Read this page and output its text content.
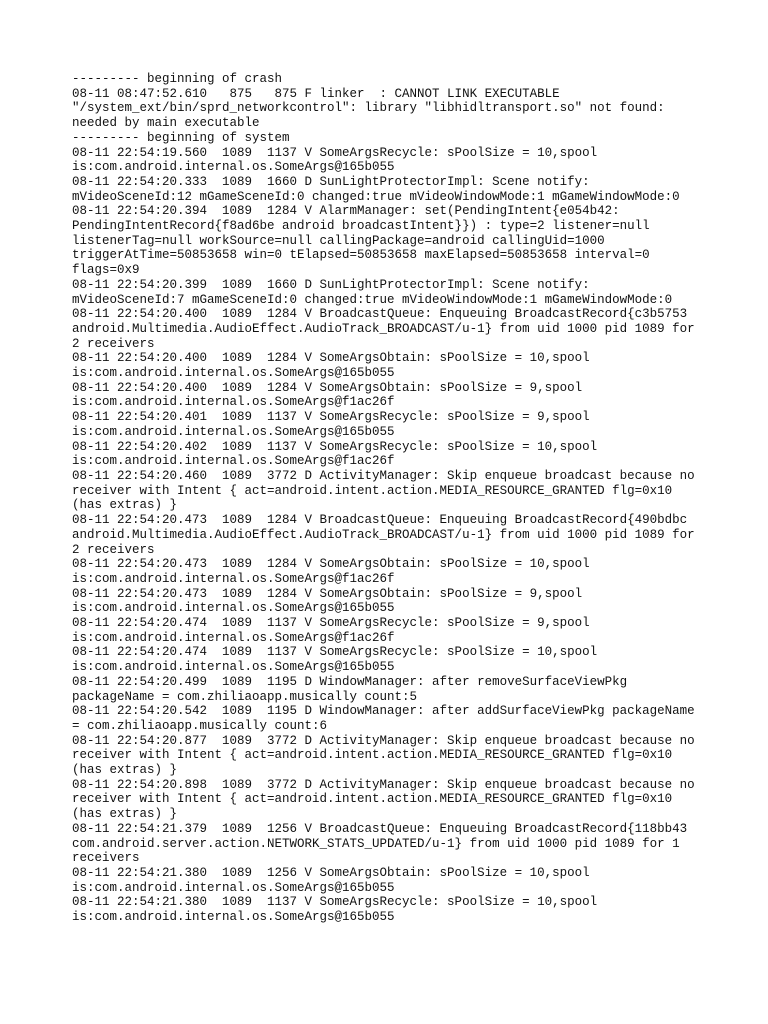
--------- beginning of crash

08-11 08:47:52.610   875   875 F linker  : CANNOT LINK EXECUTABLE

"/system_ext/bin/sprd_networkcontrol": library "libhidltransport.so" not found:

needed by main executable

--------- beginning of system

08-11 22:54:19.560  1089  1137 V SomeArgsRecycle: sPoolSize = 10,spool

is:com.android.internal.os.SomeArgs@165b055

08-11 22:54:20.333  1089  1660 D SunLightProtectorImpl: Scene notify:

mVideoSceneId:12 mGameSceneId:0 changed:true mVideoWindowMode:1 mGameWindowMode:0

08-11 22:54:20.394  1089  1284 V AlarmManager: set(PendingIntent{e054b42:

PendingIntentRecord{f8ad6be android broadcastIntent}}) : type=2 listener=null

listenerTag=null workSource=null callingPackage=android callingUid=1000

triggerAtTime=50853658 win=0 tElapsed=50853658 maxElapsed=50853658 interval=0

flags=0x9

08-11 22:54:20.399  1089  1660 D SunLightProtectorImpl: Scene notify:

mVideoSceneId:7 mGameSceneId:0 changed:true mVideoWindowMode:1 mGameWindowMode:0

08-11 22:54:20.400  1089  1284 V BroadcastQueue: Enqueuing BroadcastRecord{c3b5753

android.Multimedia.AudioEffect.AudioTrack_BROADCAST/u-1} from uid 1000 pid 1089 for

2 receivers

08-11 22:54:20.400  1089  1284 V SomeArgsObtain: sPoolSize = 10,spool

is:com.android.internal.os.SomeArgs@165b055

08-11 22:54:20.400  1089  1284 V SomeArgsObtain: sPoolSize = 9,spool

is:com.android.internal.os.SomeArgs@f1ac26f

08-11 22:54:20.401  1089  1137 V SomeArgsRecycle: sPoolSize = 9,spool

is:com.android.internal.os.SomeArgs@165b055

08-11 22:54:20.402  1089  1137 V SomeArgsRecycle: sPoolSize = 10,spool

is:com.android.internal.os.SomeArgs@f1ac26f

08-11 22:54:20.460  1089  3772 D ActivityManager: Skip enqueue broadcast because no

receiver with Intent { act=android.intent.action.MEDIA_RESOURCE_GRANTED flg=0x10

(has extras) }

08-11 22:54:20.473  1089  1284 V BroadcastQueue: Enqueuing BroadcastRecord{490bdbc

android.Multimedia.AudioEffect.AudioTrack_BROADCAST/u-1} from uid 1000 pid 1089 for

2 receivers

08-11 22:54:20.473  1089  1284 V SomeArgsObtain: sPoolSize = 10,spool

is:com.android.internal.os.SomeArgs@f1ac26f

08-11 22:54:20.473  1089  1284 V SomeArgsObtain: sPoolSize = 9,spool

is:com.android.internal.os.SomeArgs@165b055

08-11 22:54:20.474  1089  1137 V SomeArgsRecycle: sPoolSize = 9,spool

is:com.android.internal.os.SomeArgs@f1ac26f

08-11 22:54:20.474  1089  1137 V SomeArgsRecycle: sPoolSize = 10,spool

is:com.android.internal.os.SomeArgs@165b055

08-11 22:54:20.499  1089  1195 D WindowManager: after removeSurfaceViewPkg

packageName = com.zhiliaoapp.musically count:5

08-11 22:54:20.542  1089  1195 D WindowManager: after addSurfaceViewPkg packageName

= com.zhiliaoapp.musically count:6

08-11 22:54:20.877  1089  3772 D ActivityManager: Skip enqueue broadcast because no

receiver with Intent { act=android.intent.action.MEDIA_RESOURCE_GRANTED flg=0x10

(has extras) }

08-11 22:54:20.898  1089  3772 D ActivityManager: Skip enqueue broadcast because no

receiver with Intent { act=android.intent.action.MEDIA_RESOURCE_GRANTED flg=0x10

(has extras) }

08-11 22:54:21.379  1089  1256 V BroadcastQueue: Enqueuing BroadcastRecord{118bb43

com.android.server.action.NETWORK_STATS_UPDATED/u-1} from uid 1000 pid 1089 for 1

receivers

08-11 22:54:21.380  1089  1256 V SomeArgsObtain: sPoolSize = 10,spool

is:com.android.internal.os.SomeArgs@165b055

08-11 22:54:21.380  1089  1137 V SomeArgsRecycle: sPoolSize = 10,spool

is:com.android.internal.os.SomeArgs@165b055
